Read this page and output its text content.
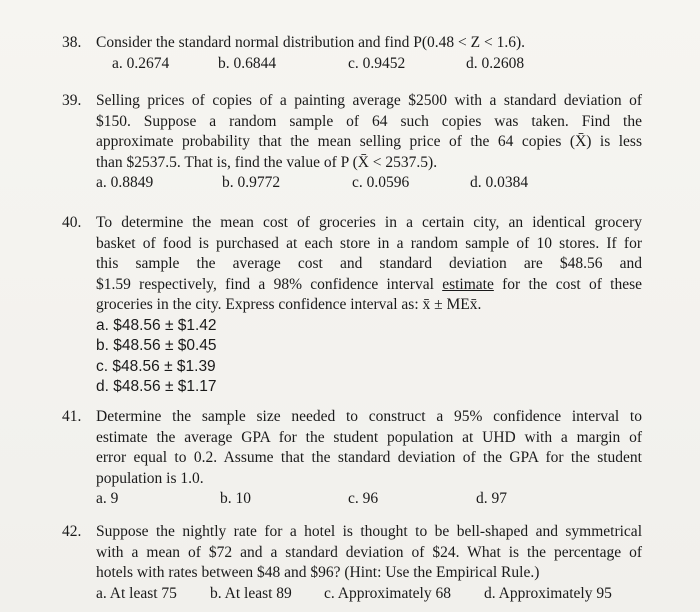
38. Consider the standard normal distribution and find P(0.48 < Z < 1.6).
a. 0.2674	b. 0.6844	c. 0.9452	d. 0.2608
39. Selling prices of copies of a painting average $2500 with a standard deviation of
$150. Suppose a random sample of 64 such copies was taken. Find the
approximate probability that the mean selling price of the 64 copies (X̄) is less
than $2537.5. That is, find the value of P (X̄ < 2537.5).
a. 0.8849	b. 0.9772	c. 0.0596	d. 0.0384
40. To determine the mean cost of groceries in a certain city, an identical grocery
basket of food is purchased at each store in a random sample of 10 stores. If for
this sample the average cost and standard deviation are $48.56 and
$1.59 respectively, find a 98% confidence interval estimate for the cost of these
groceries in the city. Express confidence interval as: x̄ ± MEx̄.
a. $48.56 ± $1.42
b. $48.56 ± $0.45
c. $48.56 ± $1.39
d. $48.56 ± $1.17
41. Determine the sample size needed to construct a 95% confidence interval to
estimate the average GPA for the student population at UHD with a margin of
error equal to 0.2. Assume that the standard deviation of the GPA for the student
population is 1.0.
a. 9	b. 10	c. 96	d. 97
42. Suppose the nightly rate for a hotel is thought to be bell-shaped and symmetrical
with a mean of $72 and a standard deviation of $24. What is the percentage of
hotels with rates between $48 and $96? (Hint: Use the Empirical Rule.)
a. At least 75 b. At least 89 c. Approximately 68 d. Approximately 95
